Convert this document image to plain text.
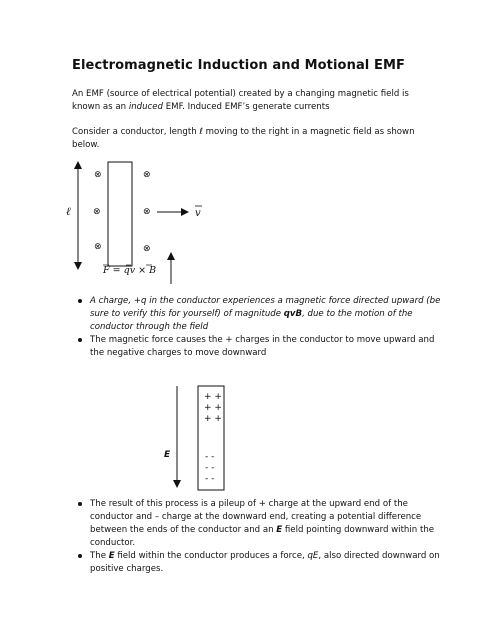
Electromagnetic Induction and Motional EMF
An EMF (source of electrical potential) created by a changing magnetic field is
known as an induced EMF. Induced EMF’s generate currents
Consider a conductor, length ℓ moving to the right in a magnetic field as shown
below.
ℓ
⊗	⊗
⊗	⊗
⊗	⊗
v
F = qv × B
E
+ +
+ +
+ +
- -
- -
- -
A charge, +q in the conductor experiences a magnetic force directed upward (be sure to verify this for yourself) of magnitude qvB, due to the motion of the conductor through the field
The magnetic force causes the + charges in the conductor to move upward and the negative charges to move downward
The result of this process is a pileup of + charge at the upward end of the conductor and – charge at the downward end, creating a potential difference between the ends of the conductor and an E field pointing downward within the conductor.
The E field within the conductor produces a force, qE, also directed downward on positive charges.
